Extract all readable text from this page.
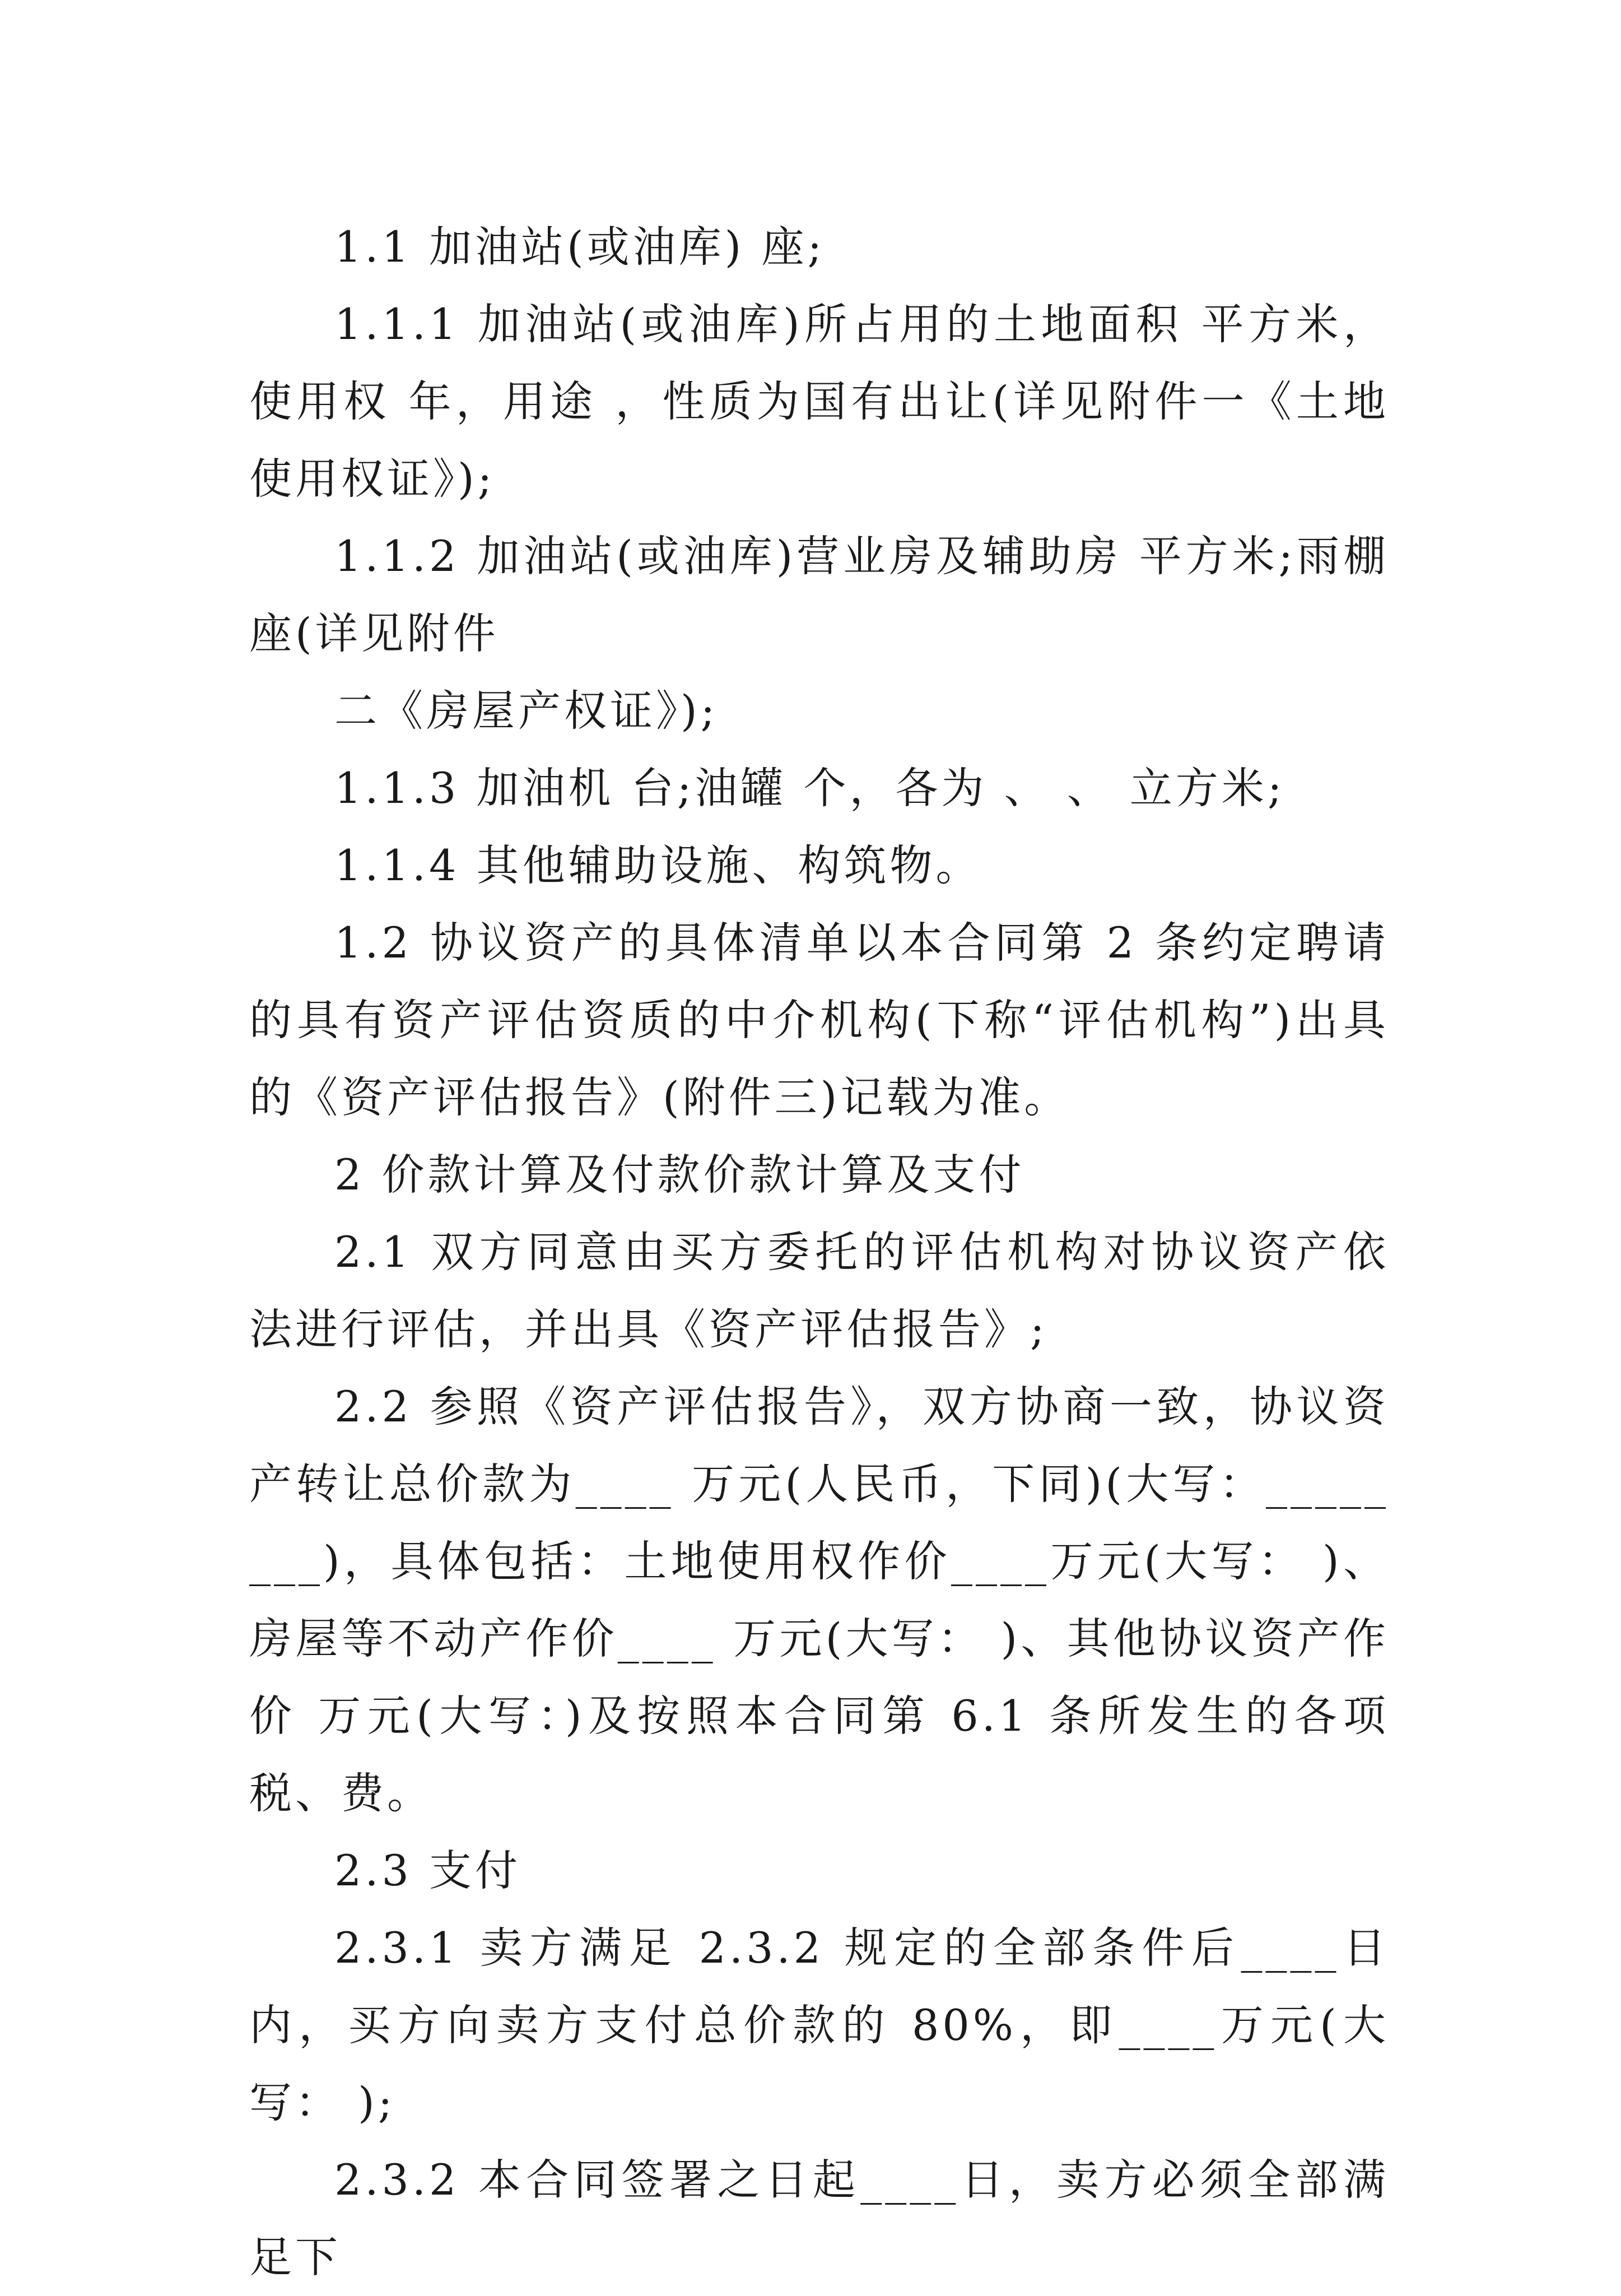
1.1 加油站(或油库) 座;

1.1.1 加油站(或油库)所占用的土地面积 平方米，使用权 年，用途 ，性质为国有出让(详见附件一《土地使用权证》);

1.1.2 加油站(或油库)营业房及辅助房 平方米;雨棚 座(详见附件

二《房屋产权证》);

1.1.3 加油机 台;油罐 个，各为 、 、 立方米;

1.1.4 其他辅助设施、构筑物。

1.2 协议资产的具体清单以本合同第 2 条约定聘请的具有资产评估资质的中介机构(下称“评估机构”)出具的《资产评估报告》(附件三)记载为准。

2 价款计算及付款价款计算及支付

2.1 双方同意由买方委托的评估机构对协议资产依法进行评估，并出具《资产评估报告》;

2.2 参照《资产评估报告》，双方协商一致，协议资产转让总价款为____ 万元(人民币，下同)(大写：________)，具体包括：土地使用权作价____万元(大写： )、房屋等不动产作价____ 万元(大写： )、其他协议资产作价 万元(大写：)及按照本合同第 6.1 条所发生的各项税、费。

2.3 支付

2.3.1 卖方满足 2.3.2 规定的全部条件后____日内，买方向卖方支付总价款的 80%，即____万元(大写： );

2.3.2 本合同签署之日起____日，卖方必须全部满足下
